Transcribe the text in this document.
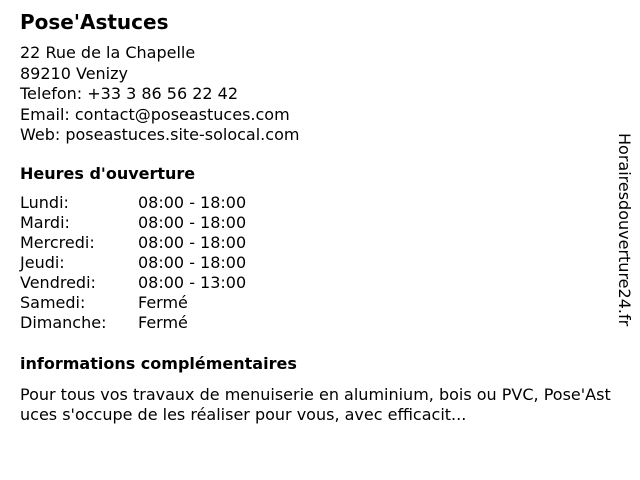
Pose'Astuces
22 Rue de la Chapelle
89210 Venizy
Telefon: +33 3 86 56 22 42
Email: contact@poseastuces.com
Web: poseastuces.site-solocal.com
Heures d'ouverture
Lundi:	08:00 - 18:00
Mardi:	08:00 - 18:00
Mercredi:	08:00 - 18:00
Jeudi:	08:00 - 18:00
Vendredi:	08:00 - 13:00
Samedi:	Fermé
Dimanche:	Fermé
informations complémentaires
Pour tous vos travaux de menuiserie en aluminium, bois ou PVC, Pose'Astuces s'occupe de les réaliser pour vous, avec efficacit...
Horairesdouverture24.fr
